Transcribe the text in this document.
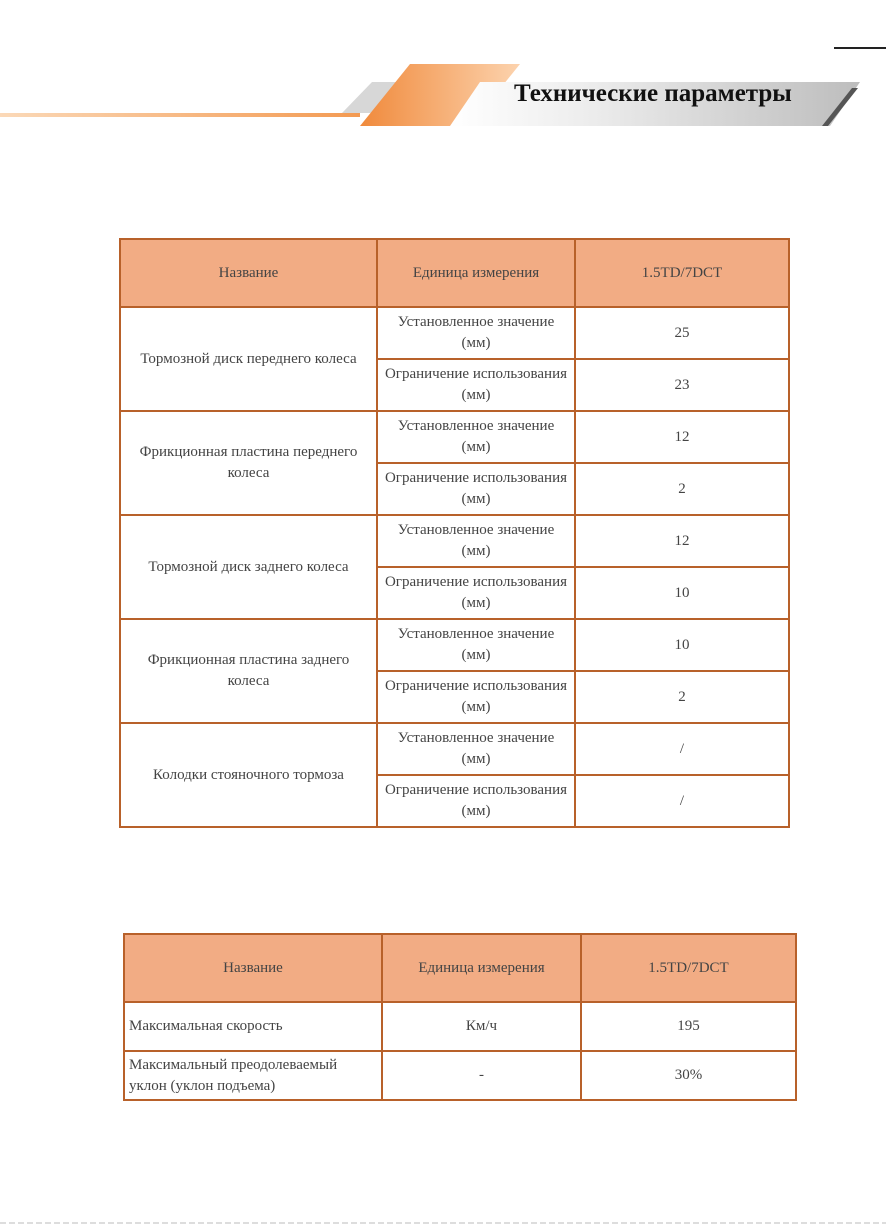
Технические параметры
Название	Единица измерения	1.5TD/7DCT
Тормозной диск переднего колеса	Установленное значение (мм)	25
	Ограничение использования (мм)	23
Фрикционная пластина переднего колеса	Установленное значение (мм)	12
	Ограничение использования (мм)	2
Тормозной диск заднего колеса	Установленное значение (мм)	12
	Ограничение использования (мм)	10
Фрикционная пластина заднего колеса	Установленное значение (мм)	10
	Ограничение использования (мм)	2
Колодки стояночного тормоза	Установленное значение (мм)	/
	Ограничение использования (мм)	/
Название	Единица измерения	1.5TD/7DCT
Максимальная скорость	Км/ч	195
Максимальный преодолеваемый уклон (уклон подъема)	-	30%
